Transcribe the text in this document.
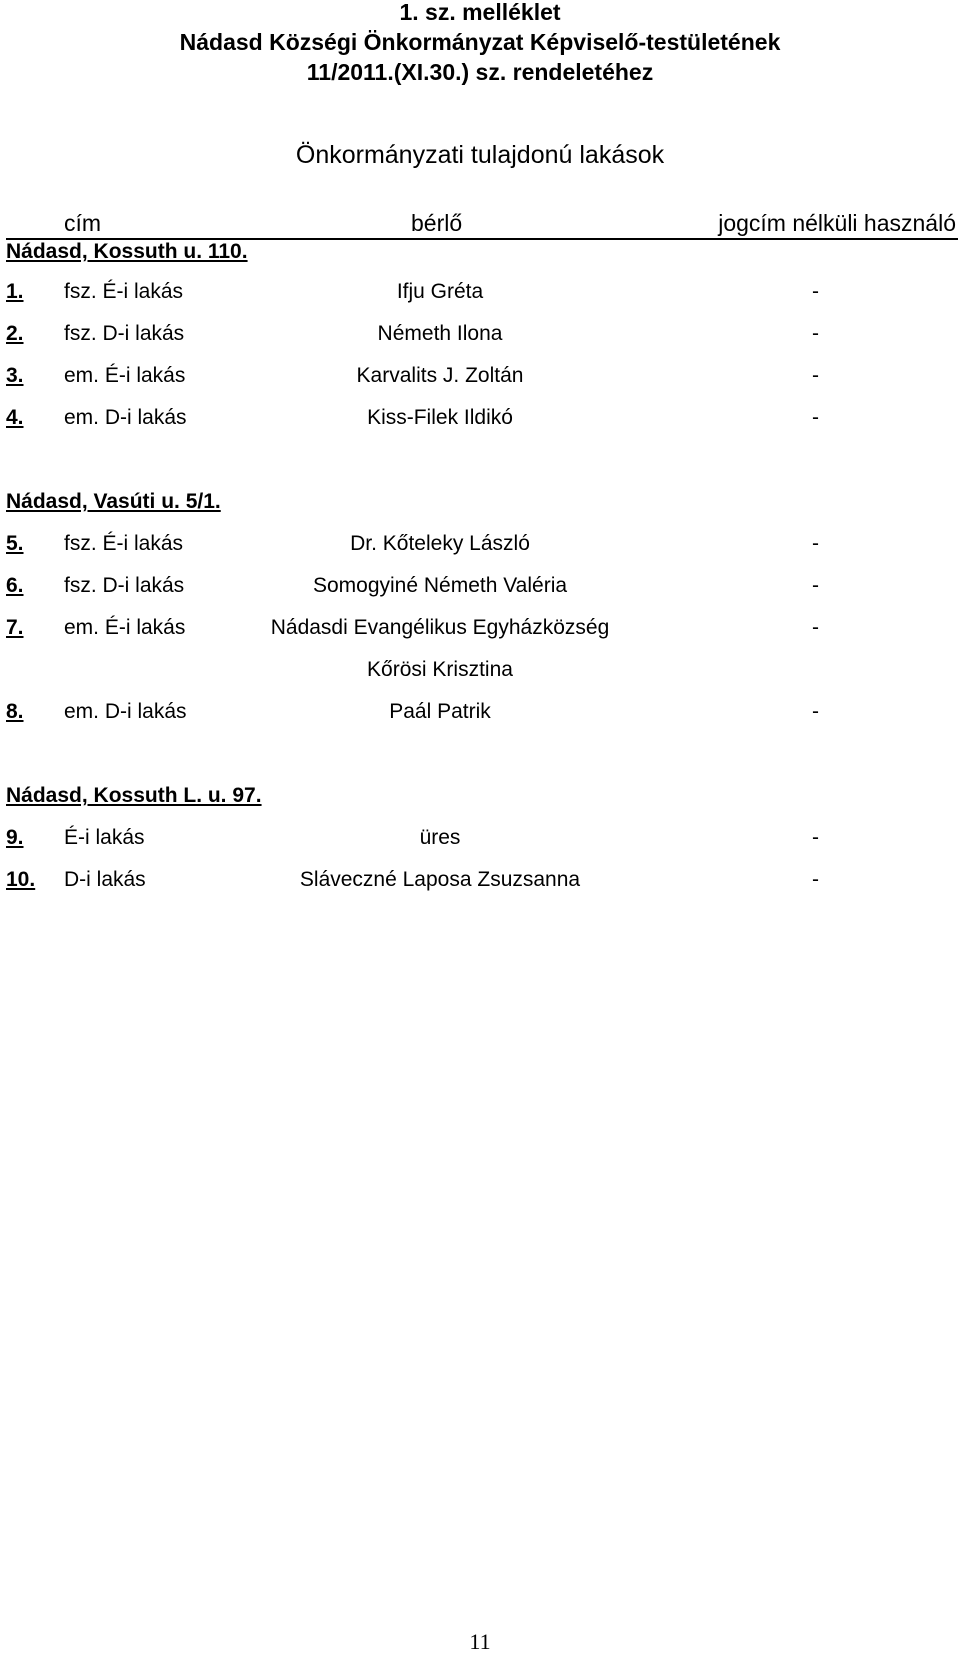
1. sz. melléklet
Nádasd Községi Önkormányzat Képviselő-testületének
11/2011.(XI.30.) sz. rendeletéhez
Önkormányzati tulajdonú lakások
cím	bérlő	jogcím nélküli használó
Nádasd, Kossuth u. 110.
1. fsz. É-i lakás	Ifju Gréta	-
2. fsz. D-i lakás	Németh Ilona	-
3. em. É-i lakás	Karvalits J. Zoltán	-
4. em. D-i lakás	Kiss-Filek Ildikó	-
Nádasd, Vasúti u. 5/1.
5. fsz. É-i lakás	Dr. Kőteleky László	-
6. fsz. D-i lakás	Somogyiné Németh Valéria	-
7. em. É-i lakás	Nádasdi Evangélikus Egyházközség	-
Kőrösi Krisztina
8. em. D-i lakás	Paál Patrik	-
Nádasd, Kossuth L. u. 97.
9. É-i lakás	üres	-
10. D-i lakás	Sláveczné Laposa Zsuzsanna	-
11
